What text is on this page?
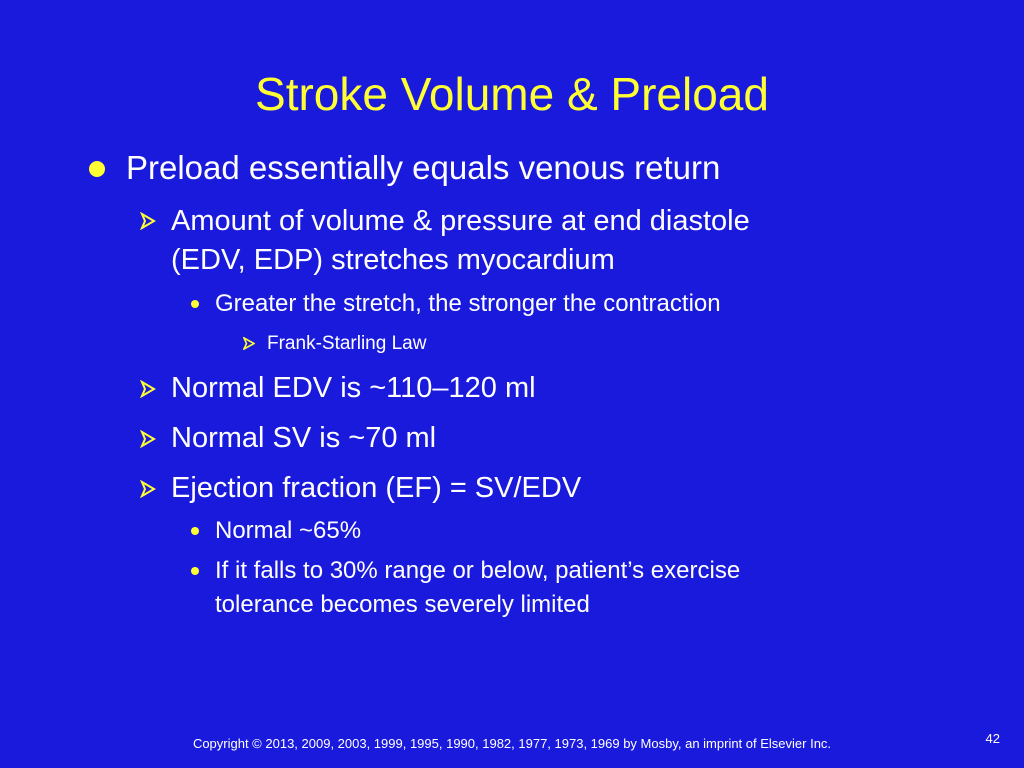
Stroke Volume & Preload
Preload essentially equals venous return
Amount of volume & pressure at end diastole
(EDV, EDP) stretches myocardium
Greater the stretch, the stronger the contraction
Frank-Starling Law
Normal EDV is ~110–120 ml
Normal SV is ~70 ml
Ejection fraction (EF) = SV/EDV
Normal ~65%
If it falls to 30% range or below, patient’s exercise
tolerance becomes severely limited
Copyright © 2013, 2009, 2003, 1999, 1995, 1990, 1982, 1977, 1973, 1969 by Mosby, an imprint of Elsevier Inc.	42
